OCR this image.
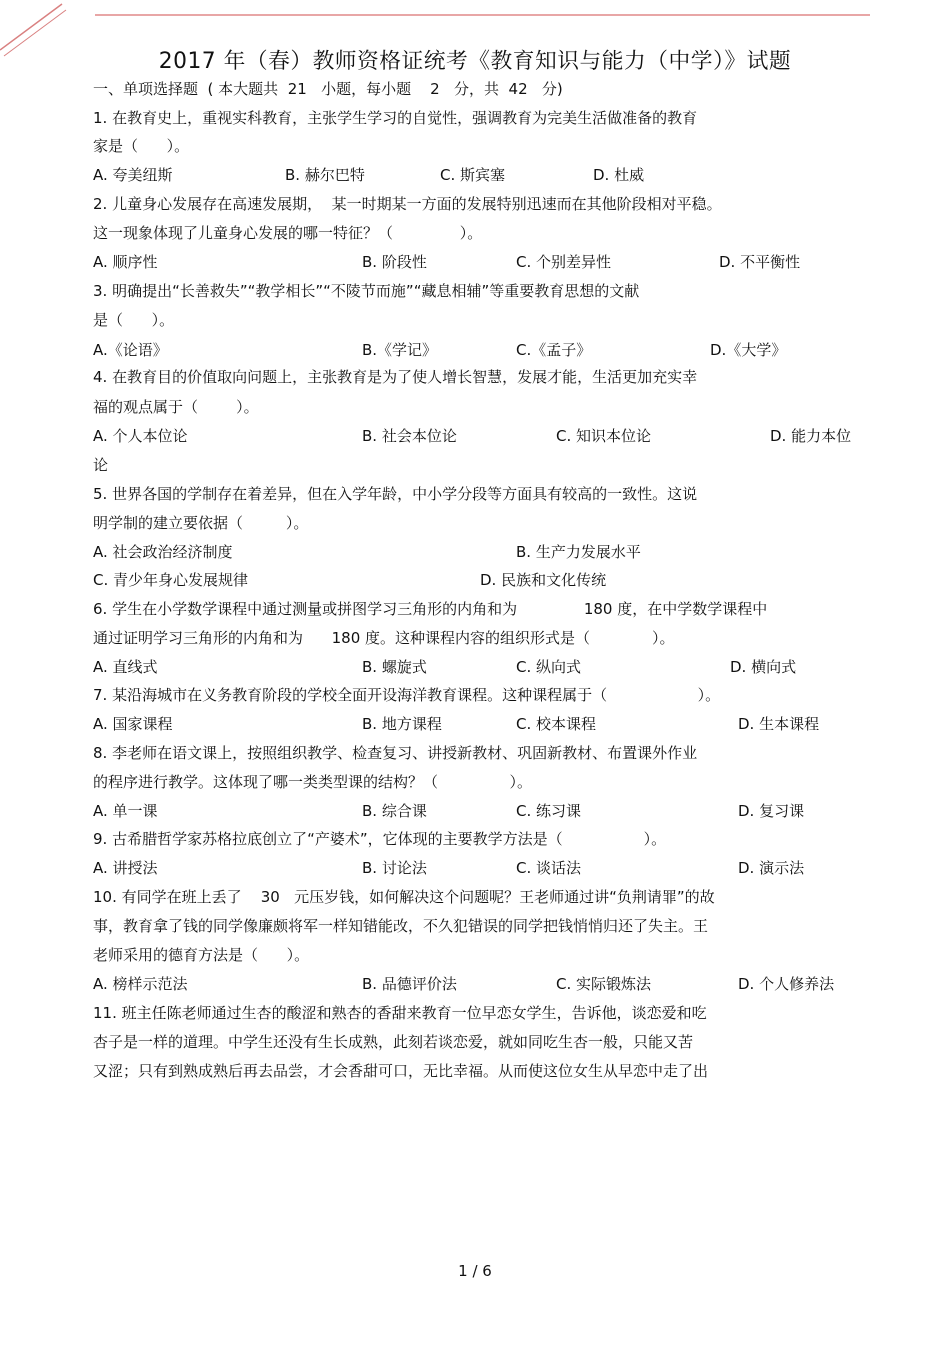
2017 年（春）教师资格证统考《教育知识与能力（中学）》试题
一、单项选择题  ( 本大题共  21   小题，每小题    2   分，共  42   分)
1. 在教育史上，重视实科教育，主张学生学习的自觉性，强调教育为完美生活做准备的教育
家是（      ）。
A. 夸美纽斯	B. 赫尔巴特	C. 斯宾塞	D. 杜威
2. 儿童身心发展存在高速发展期，  某一时期某一方面的发展特别迅速而在其他阶段相对平稳。
这一现象体现了儿童身心发展的哪一特征？（              ）。
A. 顺序性	B. 阶段性	C. 个别差异性	D. 不平衡性
3. 明确提出“长善救失”“教学相长”“不陵节而施”“藏息相辅”等重要教育思想的文献
是（      ）。
A.《论语》	B.《学记》	C.《孟子》	D.《大学》
4. 在教育目的价值取向问题上，主张教育是为了使人增长智慧，发展才能，生活更加充实幸
福的观点属于（        ）。
A. 个人本位论	B. 社会本位论	C. 知识本位论	D. 能力本位
论
5. 世界各国的学制存在着差异，但在入学年龄，中小学分段等方面具有较高的一致性。这说
明学制的建立要依据（         ）。
A. 社会政治经济制度	B. 生产力发展水平
C. 青少年身心发展规律	D. 民族和文化传统
6. 学生在小学数学课程中通过测量或拼图学习三角形的内角和为              180 度，在中学数学课程中
通过证明学习三角形的内角和为      180 度。这种课程内容的组织形式是（             ）。
A. 直线式	B. 螺旋式	C. 纵向式	D. 横向式
7. 某沿海城市在义务教育阶段的学校全面开设海洋教育课程。这种课程属于（                   ）。
A. 国家课程	B. 地方课程	C. 校本课程	D. 生本课程
8. 李老师在语文课上，按照组织教学、检查复习、讲授新教材、巩固新教材、布置课外作业
的程序进行教学。这体现了哪一类类型课的结构？（               ）。
A. 单一课	B. 综合课	C. 练习课	D. 复习课
9. 古希腊哲学家苏格拉底创立了“产婆术”，它体现的主要教学方法是（                 ）。
A. 讲授法	B. 讨论法	C. 谈话法	D. 演示法
10. 有同学在班上丢了    30   元压岁钱，如何解决这个问题呢？王老师通过讲“负荆请罪”的故
事，教育拿了钱的同学像廉颇将军一样知错能改，不久犯错误的同学把钱悄悄归还了失主。王
老师采用的德育方法是（      ）。
A. 榜样示范法	B. 品德评价法	C. 实际锻炼法	D. 个人修养法
11. 班主任陈老师通过生杏的酸涩和熟杏的香甜来教育一位早恋女学生，告诉他，谈恋爱和吃
杏子是一样的道理。中学生还没有生长成熟，此刻若谈恋爱，就如同吃生杏一般，只能又苦
又涩；只有到熟成熟后再去品尝，才会香甜可口，无比幸福。从而使这位女生从早恋中走了出
1 / 6
